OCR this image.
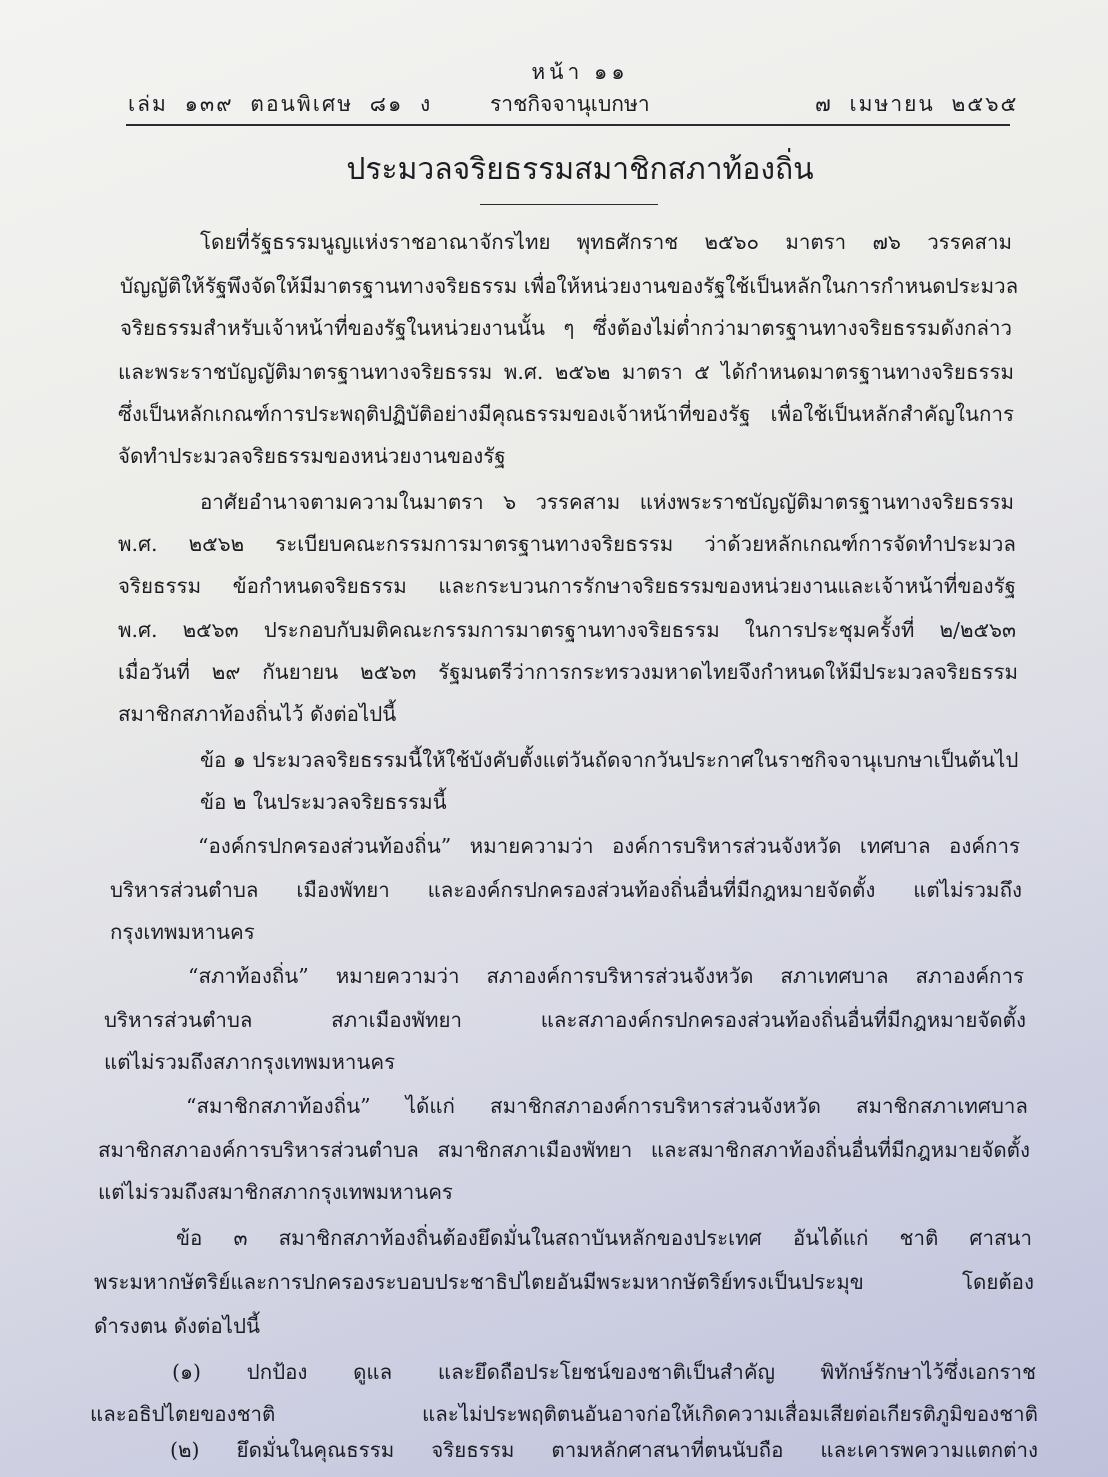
หน้า ๑๑
เล่ม ๑๓๙ ตอนพิเศษ ๘๑ ง	ราชกิจจานุเบกษา	๗ เมษายน ๒๕๖๕
ประมวลจริยธรรมสมาชิกสภาท้องถิ่น
โดยที่รัฐธรรมนูญแห่งราชอาณาจักรไทย พุทธศักราช ๒๕๖๐ มาตรา ๗๖ วรรคสาม
บัญญัติให้รัฐพึงจัดให้มีมาตรฐานทางจริยธรรม เพื่อให้หน่วยงานของรัฐใช้เป็นหลักในการกำหนดประมวล
จริยธรรมสำหรับเจ้าหน้าที่ของรัฐในหน่วยงานนั้น ๆ ซึ่งต้องไม่ต่ำกว่ามาตรฐานทางจริยธรรมดังกล่าว
และพระราชบัญญัติมาตรฐานทางจริยธรรม พ.ศ. ๒๕๖๒ มาตรา ๕ ได้กำหนดมาตรฐานทางจริยธรรม
ซึ่งเป็นหลักเกณฑ์การประพฤติปฏิบัติอย่างมีคุณธรรมของเจ้าหน้าที่ของรัฐ เพื่อใช้เป็นหลักสำคัญในการ
จัดทำประมวลจริยธรรมของหน่วยงานของรัฐ
อาศัยอำนาจตามความในมาตรา ๖ วรรคสาม แห่งพระราชบัญญัติมาตรฐานทางจริยธรรม
พ.ศ. ๒๕๖๒ ระเบียบคณะกรรมการมาตรฐานทางจริยธรรม ว่าด้วยหลักเกณฑ์การจัดทำประมวล
จริยธรรม ข้อกำหนดจริยธรรม และกระบวนการรักษาจริยธรรมของหน่วยงานและเจ้าหน้าที่ของรัฐ
พ.ศ. ๒๕๖๓ ประกอบกับมติคณะกรรมการมาตรฐานทางจริยธรรม ในการประชุมครั้งที่ ๒/๒๕๖๓
เมื่อวันที่ ๒๙ กันยายน ๒๕๖๓ รัฐมนตรีว่าการกระทรวงมหาดไทยจึงกำหนดให้มีประมวลจริยธรรม
สมาชิกสภาท้องถิ่นไว้ ดังต่อไปนี้
ข้อ ๑ ประมวลจริยธรรมนี้ให้ใช้บังคับตั้งแต่วันถัดจากวันประกาศในราชกิจจานุเบกษาเป็นต้นไป
ข้อ ๒ ในประมวลจริยธรรมนี้
“องค์กรปกครองส่วนท้องถิ่น” หมายความว่า องค์การบริหารส่วนจังหวัด เทศบาล องค์การ
บริหารส่วนตำบล เมืองพัทยา และองค์กรปกครองส่วนท้องถิ่นอื่นที่มีกฎหมายจัดตั้ง แต่ไม่รวมถึง
กรุงเทพมหานคร
“สภาท้องถิ่น” หมายความว่า สภาองค์การบริหารส่วนจังหวัด สภาเทศบาล สภาองค์การ
บริหารส่วนตำบล สภาเมืองพัทยา และสภาองค์กรปกครองส่วนท้องถิ่นอื่นที่มีกฎหมายจัดตั้ง
แต่ไม่รวมถึงสภากรุงเทพมหานคร
“สมาชิกสภาท้องถิ่น” ได้แก่ สมาชิกสภาองค์การบริหารส่วนจังหวัด สมาชิกสภาเทศบาล
สมาชิกสภาองค์การบริหารส่วนตำบล สมาชิกสภาเมืองพัทยา และสมาชิกสภาท้องถิ่นอื่นที่มีกฎหมายจัดตั้ง
แต่ไม่รวมถึงสมาชิกสภากรุงเทพมหานคร
ข้อ ๓ สมาชิกสภาท้องถิ่นต้องยึดมั่นในสถาบันหลักของประเทศ อันได้แก่ ชาติ ศาสนา
พระมหากษัตริย์และการปกครองระบอบประชาธิปไตยอันมีพระมหากษัตริย์ทรงเป็นประมุข โดยต้อง
ดำรงตน ดังต่อไปนี้
(๑) ปกป้อง ดูแล และยึดถือประโยชน์ของชาติเป็นสำคัญ พิทักษ์รักษาไว้ซึ่งเอกราช
และอธิปไตยของชาติ และไม่ประพฤติตนอันอาจก่อให้เกิดความเสื่อมเสียต่อเกียรติภูมิของชาติ
(๒) ยึดมั่นในคุณธรรม จริยธรรม ตามหลักศาสนาที่ตนนับถือ และเคารพความแตกต่าง
